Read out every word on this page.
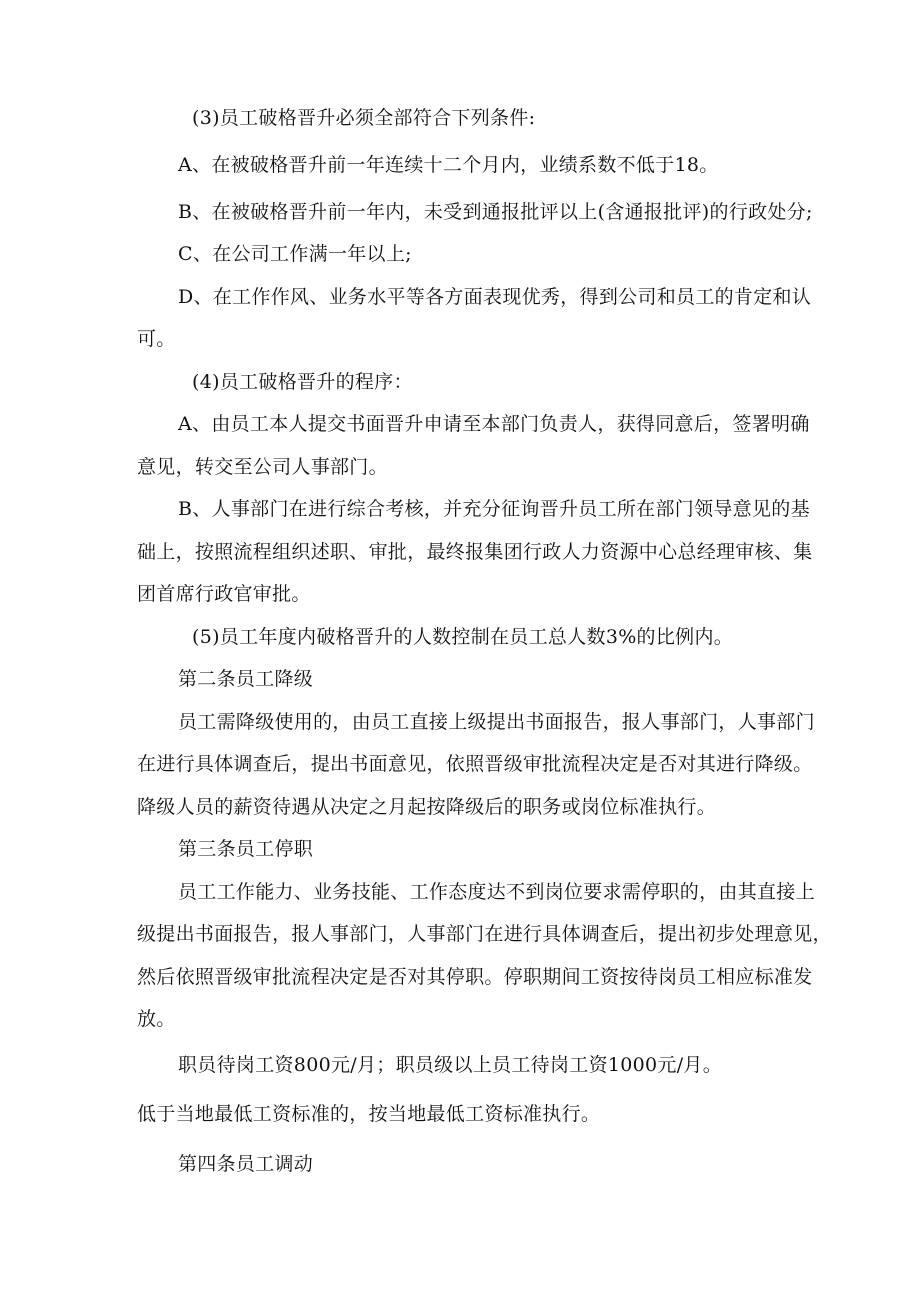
(3)员工破格晋升必须全部符合下列条件:
A、在被破格晋升前一年连续十二个月内，业绩系数不低于18。
B、在被破格晋升前一年内，未受到通报批评以上(含通报批评)的行政处分;
C、在公司工作满一年以上;
D、在工作作风、业务水平等各方面表现优秀，得到公司和员工的肯定和认
可。
(4)员工破格晋升的程序：
A、由员工本人提交书面晋升申请至本部门负责人，获得同意后，签署明确
意见，转交至公司人事部门。
B、人事部门在进行综合考核，并充分征询晋升员工所在部门领导意见的基
础上，按照流程组织述职、审批，最终报集团行政人力资源中心总经理审核、集
团首席行政官审批。
(5)员工年度内破格晋升的人数控制在员工总人数3%的比例内。
第二条员工降级
员工需降级使用的，由员工直接上级提出书面报告，报人事部门，人事部门
在进行具体调查后，提出书面意见，依照晋级审批流程决定是否对其进行降级。
降级人员的薪资待遇从决定之月起按降级后的职务或岗位标准执行。
第三条员工停职
员工工作能力、业务技能、工作态度达不到岗位要求需停职的，由其直接上
级提出书面报告，报人事部门，人事部门在进行具体调查后，提出初步处理意见，
然后依照晋级审批流程决定是否对其停职。停职期间工资按待岗员工相应标准发
放。
职员待岗工资800元/月；职员级以上员工待岗工资1000元/月。
低于当地最低工资标准的，按当地最低工资标准执行。
第四条员工调动
